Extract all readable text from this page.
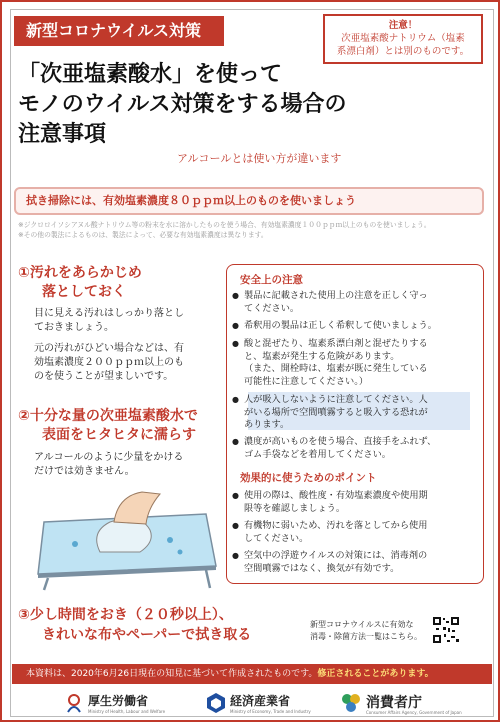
新型コロナウイルス対策	注意！
次亜塩素酸ナトリウム（塩素
系漂白剤）とは別のものです。
「次亜塩素酸水」を使って
モノのウイルス対策をする場合の
注意事項
アルコールとは使い方が違います
拭き掃除には、有効塩素濃度８０ｐｐｍ以上のものを使いましょう
※ジクロロイソシアヌル酸ナトリウム等の粉末を水に溶かしたものを使う場合、有効塩素濃度１００ｐｐｍ以上のものを使いましょう。
※その他の製法によるものは、製法によって、必要な有効塩素濃度は異なります。
①汚れをあらかじめ
落としておく
目に見える汚れはしっかり落とし
ておきましょう。
元の汚れがひどい場合などは、有
効塩素濃度２００ｐｐｍ以上のも
のを使うことが望ましいです。
②十分な量の次亜塩素酸水で
表面をヒタヒタに濡らす
アルコールのように少量をかける
だけでは効きません。
③少し時間をおき（２０秒以上）、
きれいな布やペーパーで拭き取る
安全上の注意
● 製品に記載された使用上の注意を正しく守っ
てください。
● 希釈用の製品は正しく希釈して使いましょう。
● 酸と混ぜたり、塩素系漂白剤と混ぜたりする
と、塩素が発生する危険があります。
（また、開栓時は、塩素が既に発生している
可能性に注意してください。）
● 人が吸入しないように注意してください。人
がいる場所で空間噴霧すると吸入する恐れが
あります。
● 濃度が高いものを使う場合、直接手をふれず、
ゴム手袋などを着用してください。
効果的に使うためのポイント
● 使用の際は、酸性度・有効塩素濃度や使用期
限等を確認しましょう。
● 有機物に弱いため、汚れを落としてから使用
してください。
● 空気中の浮遊ウイルスの対策には、消毒剤の
空間噴霧ではなく、換気が有効です。
新型コロナウイルスに有効な
消毒・除菌方法一覧はこちら。
本資料は、2020年6月26日現在の知見に基づいて作成されたものです。修正されることがあります。
厚生労働省
Ministry of Health, Labour and Welfare
経済産業省
Ministry of Economy, Trade and Industry
消費者庁
Consumer Affairs Agency, Government of Japan
